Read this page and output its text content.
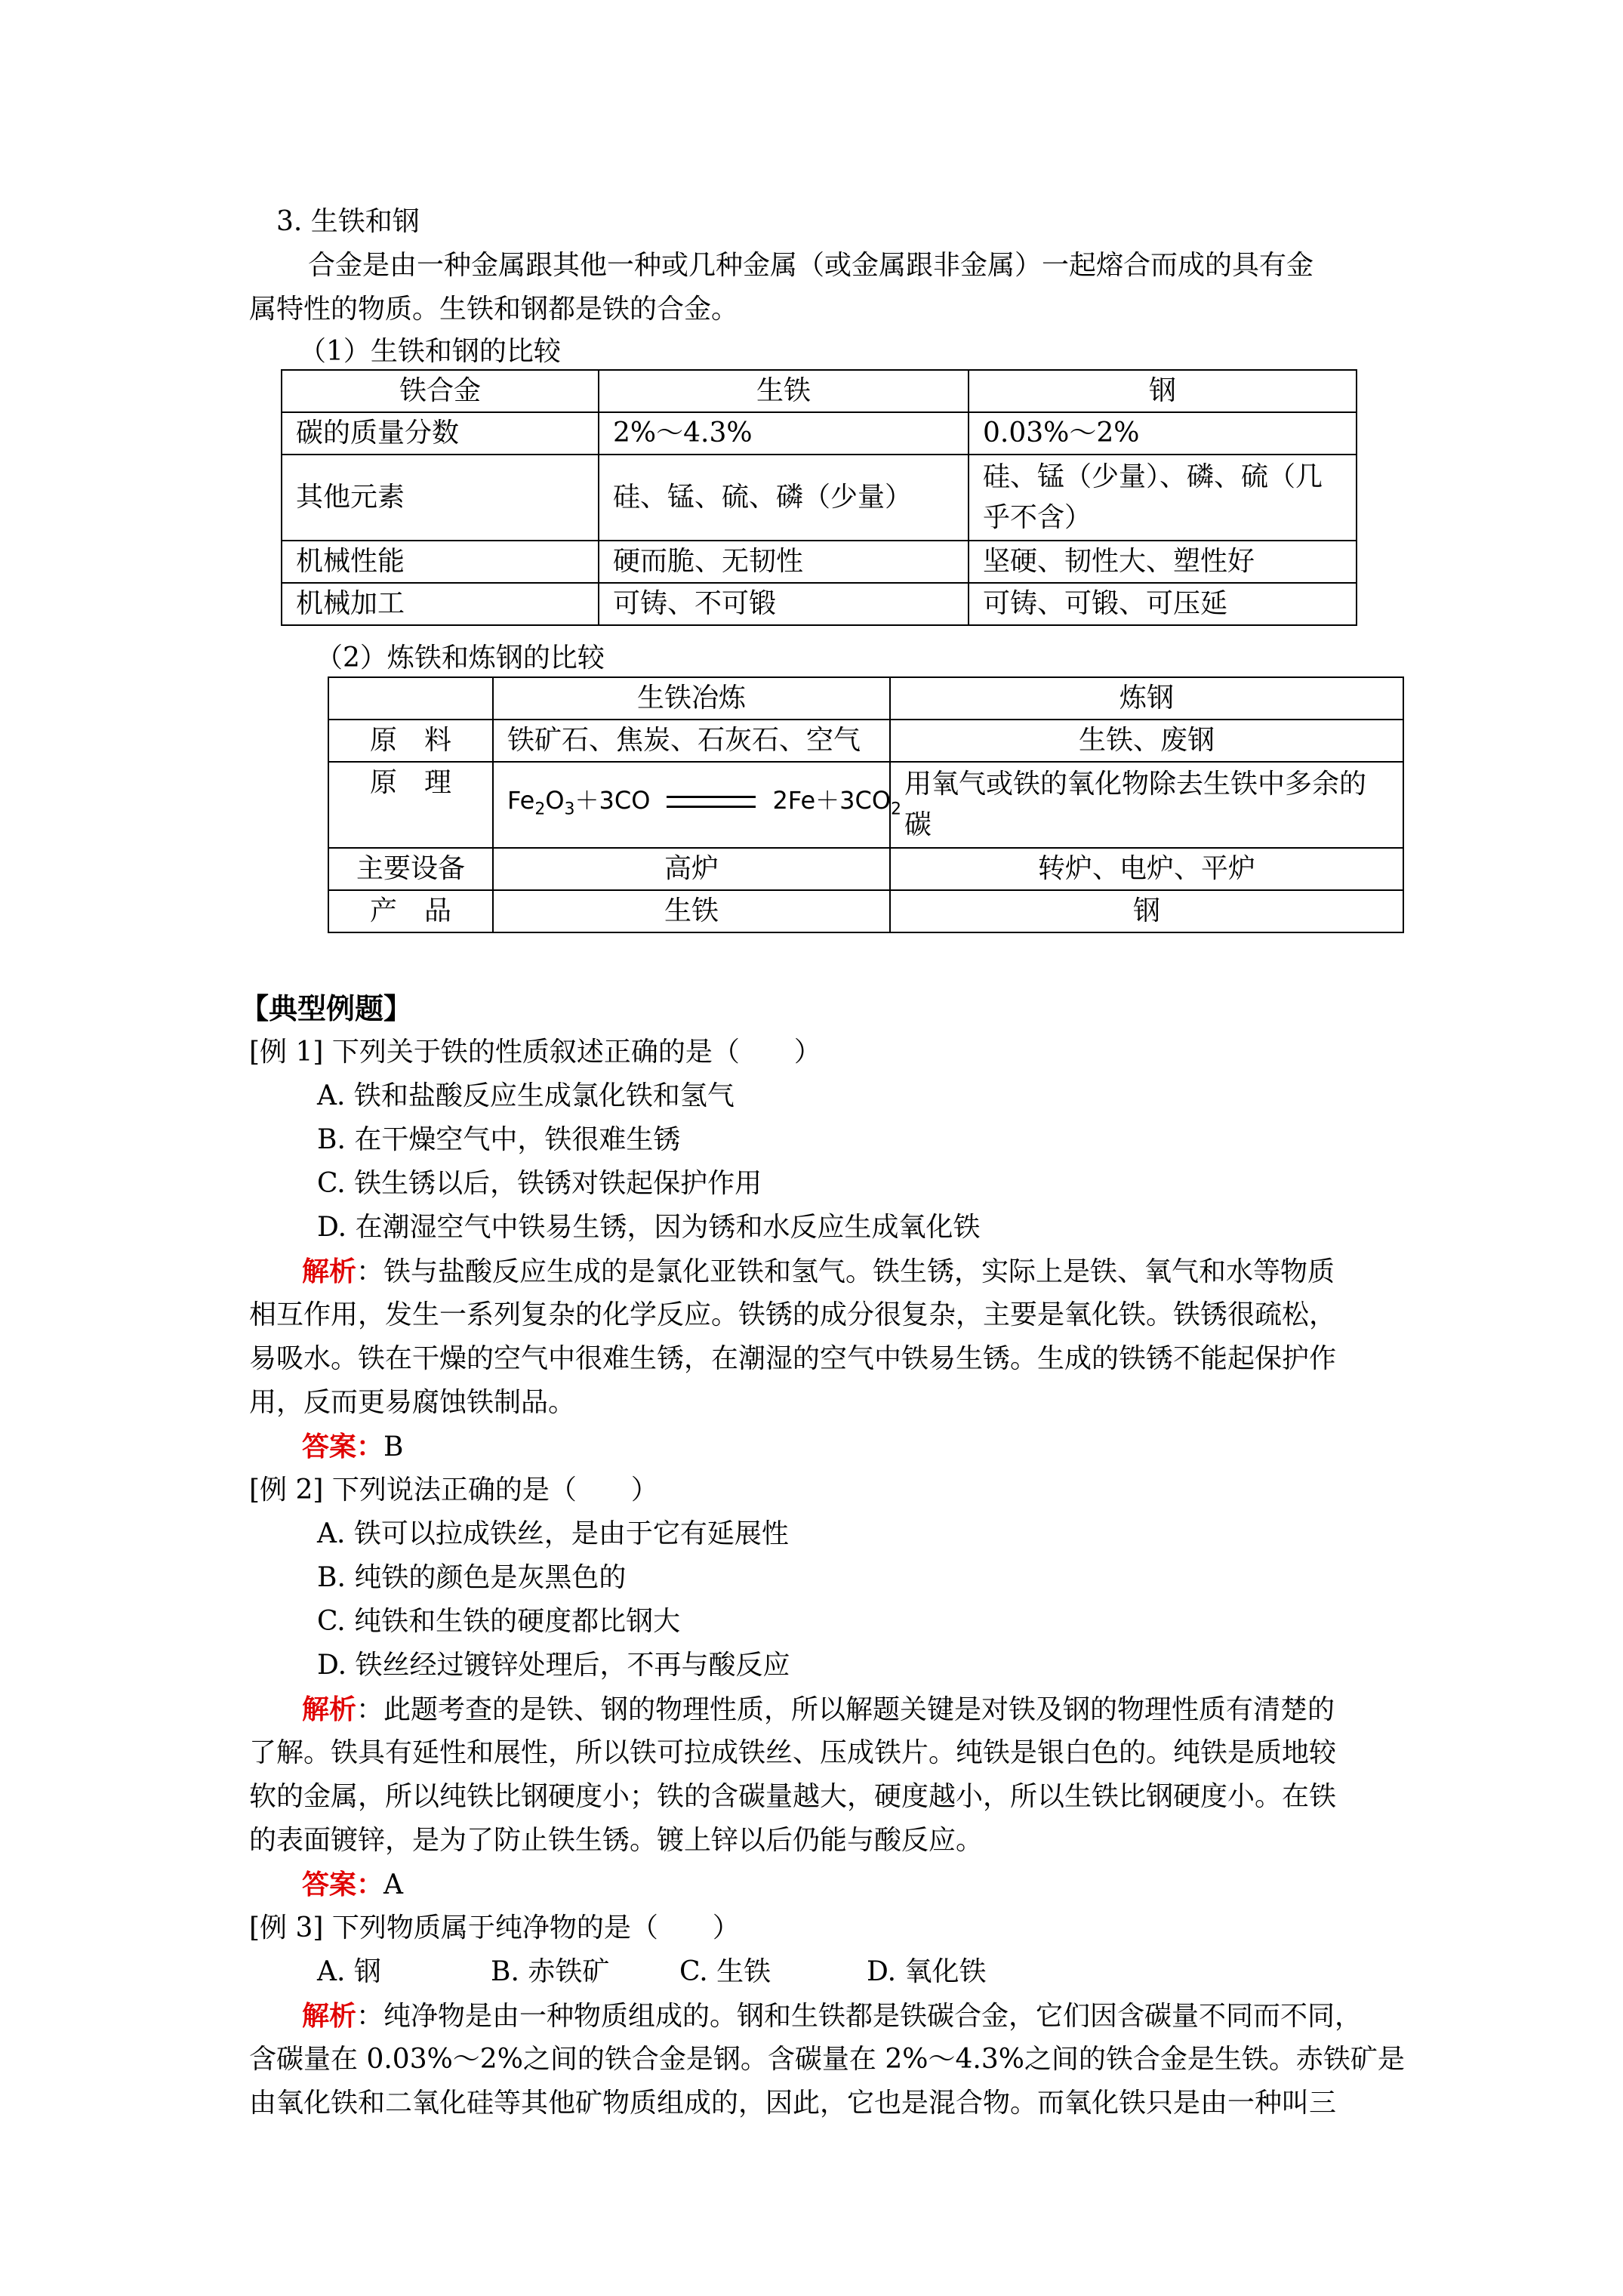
3. 生铁和钢
合金是由一种金属跟其他一种或几种金属（或金属跟非金属）一起熔合而成的具有金
属特性的物质。生铁和钢都是铁的合金。
（1）生铁和钢的比较
铁合金	生铁	钢
碳的质量分数	2%～4.3%	0.03%～2%
其他元素	硅、锰、硫、磷（少量）	硅、锰（少量）、磷、硫（几乎不含）
机械性能	硬而脆、无韧性	坚硬、韧性大、塑性好
机械加工	可铸、不可锻	可铸、可锻、可压延
（2）炼铁和炼钢的比较
	生铁冶炼	炼钢
原　料	铁矿石、焦炭、石灰石、空气	生铁、废钢
原　理	$Fe_2O_3+3CO$ $2Fe+3CO_2$	用氧气或铁的氧化物除去生铁中多余的碳
主要设备	高炉	转炉、电炉、平炉
产　品	生铁	钢
【典型例题】
[例 1] 下列关于铁的性质叙述正确的是（　　）
A. 铁和盐酸反应生成氯化铁和氢气
B. 在干燥空气中，铁很难生锈
C. 铁生锈以后，铁锈对铁起保护作用
D. 在潮湿空气中铁易生锈，因为锈和水反应生成氧化铁
解析：铁与盐酸反应生成的是氯化亚铁和氢气。铁生锈，实际上是铁、氧气和水等物质
相互作用，发生一系列复杂的化学反应。铁锈的成分很复杂，主要是氧化铁。铁锈很疏松，
易吸水。铁在干燥的空气中很难生锈，在潮湿的空气中铁易生锈。生成的铁锈不能起保护作
用，反而更易腐蚀铁制品。
答案：B
[例 2] 下列说法正确的是（　　）
A. 铁可以拉成铁丝，是由于它有延展性
B. 纯铁的颜色是灰黑色的
C. 纯铁和生铁的硬度都比钢大
D. 铁丝经过镀锌处理后，不再与酸反应
解析：此题考查的是铁、钢的物理性质，所以解题关键是对铁及钢的物理性质有清楚的
了解。铁具有延性和展性，所以铁可拉成铁丝、压成铁片。纯铁是银白色的。纯铁是质地较
软的金属，所以纯铁比钢硬度小；铁的含碳量越大，硬度越小，所以生铁比钢硬度小。在铁
的表面镀锌，是为了防止铁生锈。镀上锌以后仍能与酸反应。
答案：A
[例 3] 下列物质属于纯净物的是（　　）
A. 钢	B. 赤铁矿	C. 生铁	D. 氧化铁
解析：纯净物是由一种物质组成的。钢和生铁都是铁碳合金，它们因含碳量不同而不同，
含碳量在 0.03%～2%之间的铁合金是钢。含碳量在 2%～4.3%之间的铁合金是生铁。赤铁矿是
由氧化铁和二氧化硅等其他矿物质组成的，因此，它也是混合物。而氧化铁只是由一种叫三
